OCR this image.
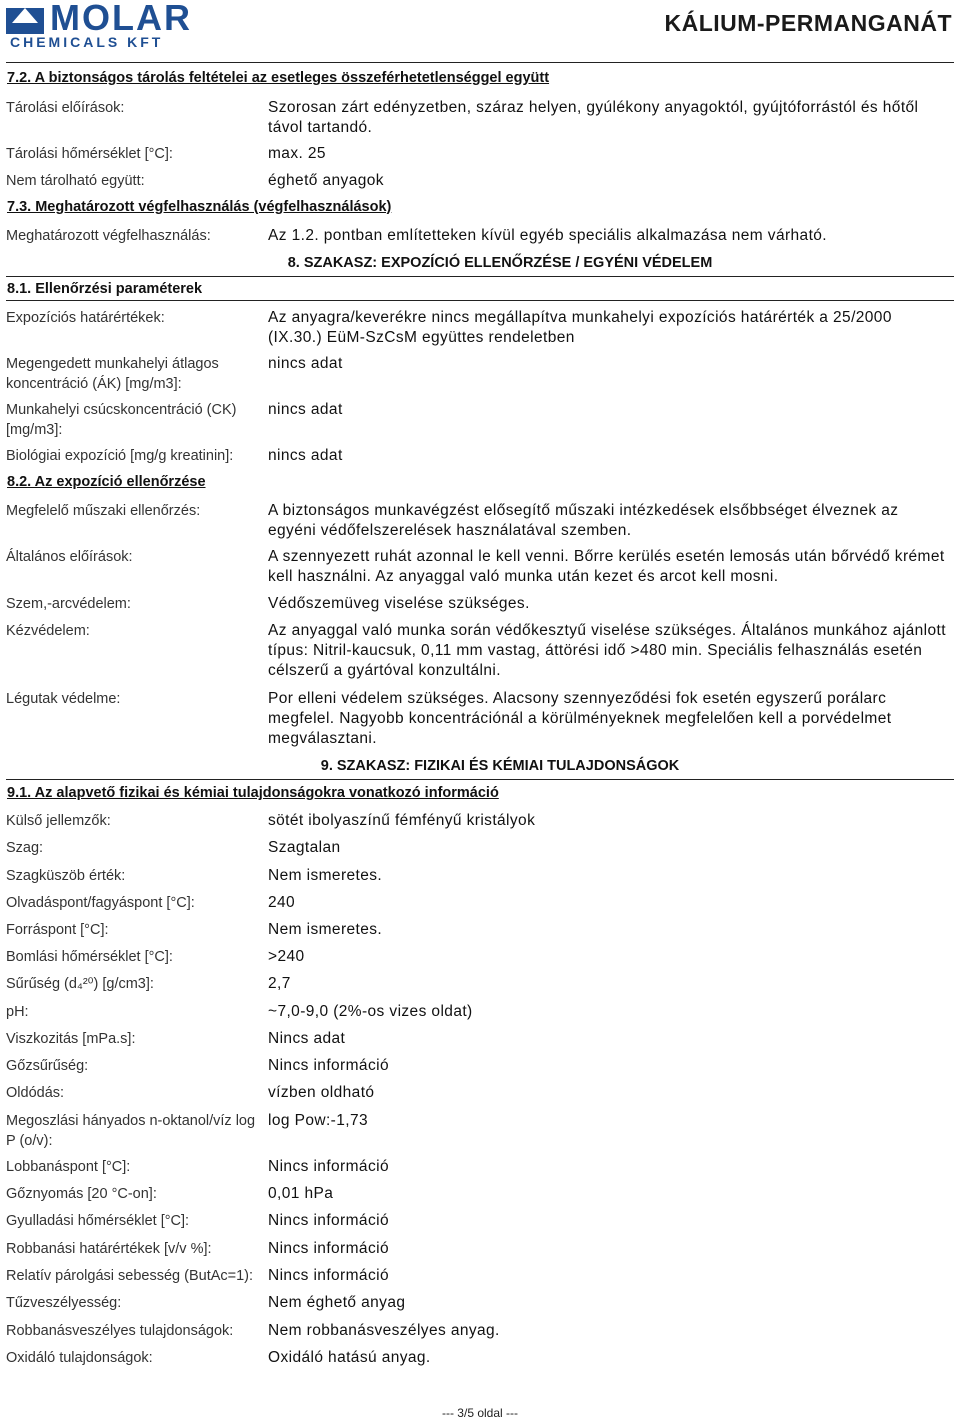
MOLAR
CHEMICALS KFT
KÁLIUM-PERMANGANÁT
7.2. A biztonságos tárolás feltételei az esetleges összeférhetetlenséggel együtt
Tárolási előírások:	Szorosan zárt edényzetben, száraz helyen, gyúlékony anyagoktól, gyújtóforrástól és hőtől távol tartandó.
Tárolási hőmérséklet [°C]:	max. 25
Nem tárolható együtt:	éghető anyagok
7.3. Meghatározott végfelhasználás (végfelhasználások)
Meghatározott végfelhasználás:	Az 1.2. pontban említetteken kívül egyéb speciális alkalmazása nem várható.
8. SZAKASZ: EXPOZÍCIÓ ELLENŐRZÉSE / EGYÉNI VÉDELEM
8.1. Ellenőrzési paraméterek
Expozíciós határértékek:	Az anyagra/keverékre nincs megállapítva munkahelyi expozíciós határérték a 25/2000 (IX.30.) EüM-SzCsM együttes rendeletben
Megengedett munkahelyi átlagos koncentráció (ÁK) [mg/m3]:
nincs adat
Munkahelyi csúcskoncentráció (CK) [mg/m3]:
nincs adat
Biológiai expozíció [mg/g kreatinin]:	nincs adat
8.2. Az expozíció ellenőrzése
Megfelelő műszaki ellenőrzés:	A biztonságos munkavégzést elősegítő műszaki intézkedések elsőbbséget élveznek az egyéni védőfelszerelések használatával szemben.
Általános előírások:	A szennyezett ruhát azonnal le kell venni. Bőrre kerülés esetén lemosás után bőrvédő krémet kell használni. Az anyaggal való munka után kezet és arcot kell mosni.
Szem,-arcvédelem:	Védőszemüveg viselése szükséges.
Kézvédelem:	Az anyaggal való munka során védőkesztyű viselése szükséges. Általános munkához ajánlott típus: Nitril-kaucsuk, 0,11 mm vastag, áttörési idő >480 min. Speciális felhasználás esetén célszerű a gyártóval konzultálni.
Légutak védelme:	Por elleni védelem szükséges. Alacsony szennyeződési fok esetén egyszerű porálarc megfelel. Nagyobb koncentrációnál a körülményeknek megfelelően kell a porvédelmet megválasztani.
9. SZAKASZ: FIZIKAI ÉS KÉMIAI TULAJDONSÁGOK
9.1. Az alapvető fizikai és kémiai tulajdonságokra vonatkozó információ
Külső jellemzők:	sötét ibolyaszínű fémfényű kristályok
Szag:	Szagtalan
Szagküszöb érték:	Nem ismeretes.
Olvadáspont/fagyáspont [°C]:	240
Forráspont [°C]:	Nem ismeretes.
Bomlási hőmérséklet [°C]:	>240
Sűrűség (d₄²⁰) [g/cm3]:	2,7
pH:	~7,0-9,0 (2%-os vizes oldat)
Viszkozitás [mPa.s]:	Nincs adat
Gőzsűrűség:	Nincs információ
Oldódás:	vízben oldható
Megoszlási hányados n-oktanol/víz log P (o/v):
log Pow:-1,73
Lobbanáspont [°C]:	Nincs információ
Gőznyomás [20 °C-on]:	0,01 hPa
Gyulladási hőmérséklet [°C]:	Nincs információ
Robbanási határértékek [v/v %]:	Nincs információ
Relatív párolgási sebesség (ButAc=1): Nincs információ
Tűzveszélyesség:	Nem éghető anyag
Robbanásveszélyes tulajdonságok:	Nem robbanásveszélyes anyag.
Oxidáló tulajdonságok:	Oxidáló hatású anyag.
--- 3/5 oldal ---
